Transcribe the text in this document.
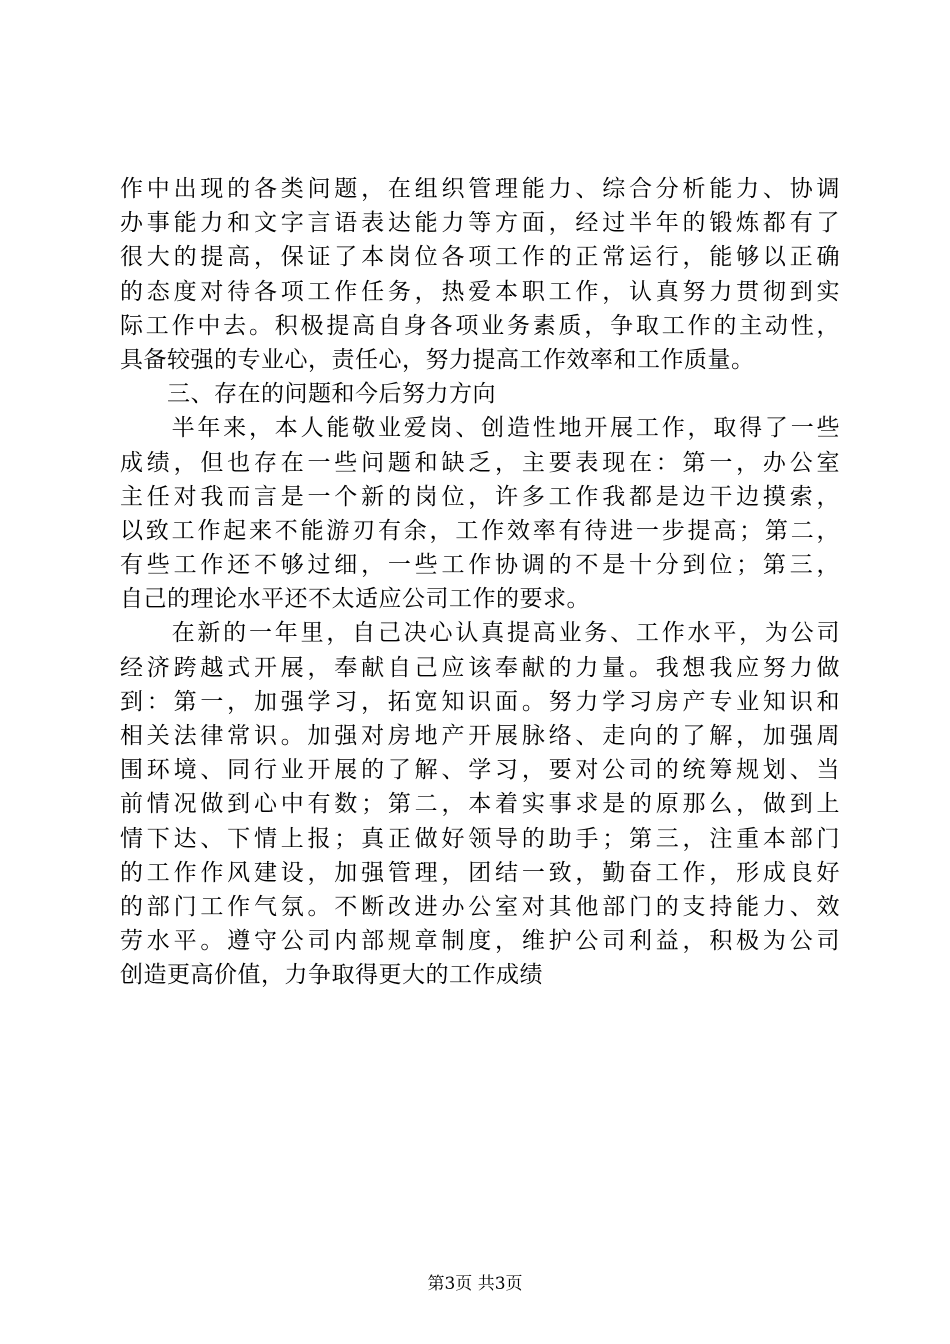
作中出现的各类问题，在组织管理能力、综合分析能力、协调
办事能力和文字言语表达能力等方面，经过半年的锻炼都有了
很大的提高，保证了本岗位各项工作的正常运行，能够以正确
的态度对待各项工作任务，热爱本职工作，认真努力贯彻到实
际工作中去。积极提高自身各项业务素质，争取工作的主动性，
具备较强的专业心，责任心，努力提高工作效率和工作质量。
　　三、存在的问题和今后努力方向
　　半年来，本人能敬业爱岗、创造性地开展工作，取得了一些
成绩，但也存在一些问题和缺乏，主要表现在：第一，办公室
主任对我而言是一个新的岗位，许多工作我都是边干边摸索，
以致工作起来不能游刃有余，工作效率有待进一步提高；第二，
有些工作还不够过细，一些工作协调的不是十分到位；第三，
自己的理论水平还不太适应公司工作的要求。
　　在新的一年里，自己决心认真提高业务、工作水平，为公司
经济跨越式开展，奉献自己应该奉献的力量。我想我应努力做
到：第一，加强学习，拓宽知识面。努力学习房产专业知识和
相关法律常识。加强对房地产开展脉络、走向的了解，加强周
围环境、同行业开展的了解、学习，要对公司的统筹规划、当
前情况做到心中有数；第二，本着实事求是的原那么，做到上
情下达、下情上报；真正做好领导的助手；第三，注重本部门
的工作作风建设，加强管理，团结一致，勤奋工作，形成良好
的部门工作气氛。不断改进办公室对其他部门的支持能力、效
劳水平。遵守公司内部规章制度，维护公司利益，积极为公司
创造更高价值，力争取得更大的工作成绩
第3页 共3页
